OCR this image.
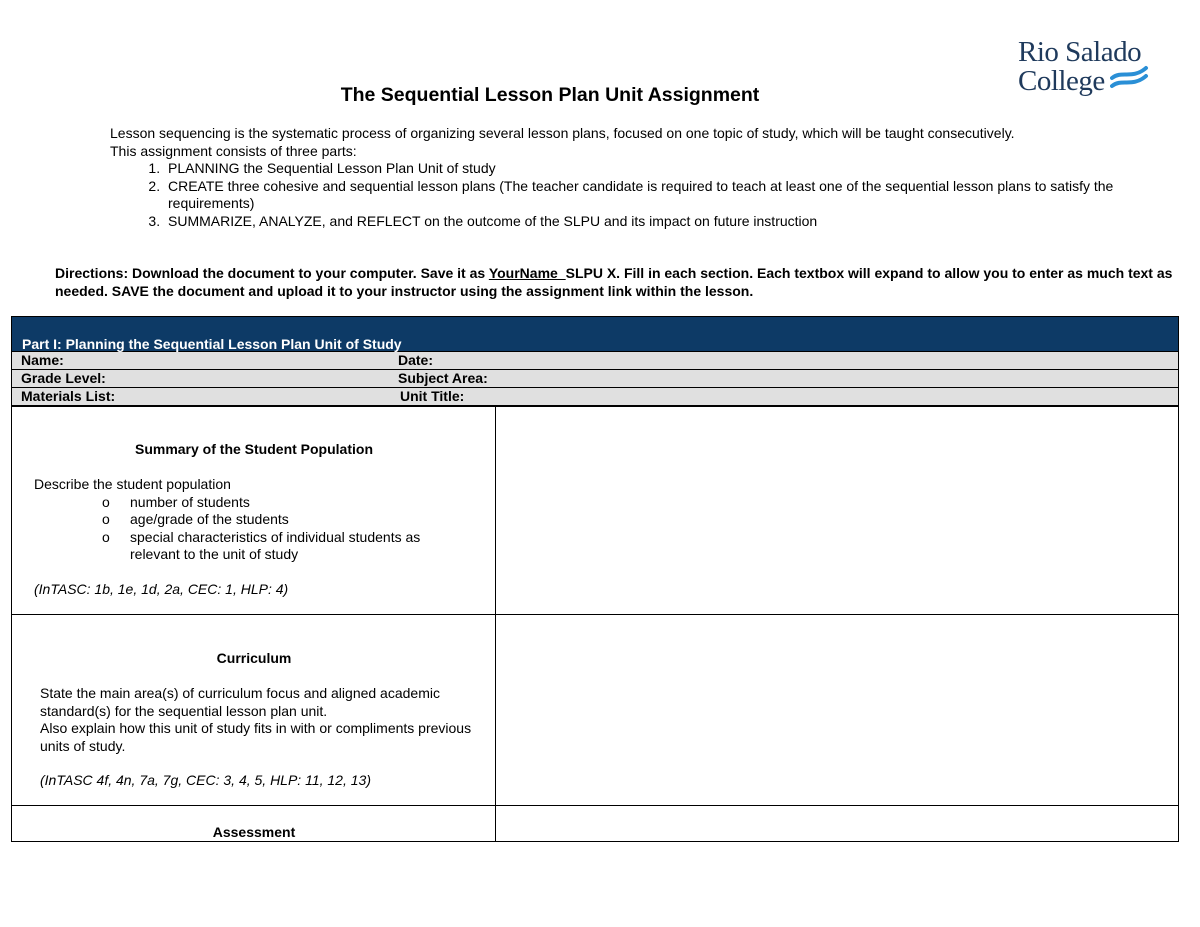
Rio Salado
College
The Sequential Lesson Plan Unit Assignment
Lesson sequencing is the systematic process of organizing several lesson plans, focused on one topic of study, which will be taught consecutively.
This assignment consists of three parts:
1. PLANNING the Sequential Lesson Plan Unit of study
2. CREATE three cohesive and sequential lesson plans (The teacher candidate is required to teach at least one of the sequential lesson plans to satisfy the requirements)
3. SUMMARIZE, ANALYZE, and REFLECT on the outcome of the SLPU and its impact on future instruction
Directions: Download the document to your computer. Save it as YourName_SLPU X. Fill in each section. Each textbox will expand to allow you to enter as much text as needed. SAVE the document and upload it to your instructor using the assignment link within the lesson.
Part I: Planning the Sequential Lesson Plan Unit of Study
Name:	Date:
Grade Level:	Subject Area:
Materials List:	Unit Title:
Summary of the Student Population
Describe the student population
o	number of students
o	age/grade of the students
o	special characteristics of individual students as relevant to the unit of study
(InTASC: 1b, 1e, 1d, 2a, CEC: 1, HLP: 4)
Curriculum
State the main area(s) of curriculum focus and aligned academic standard(s) for the sequential lesson plan unit.
Also explain how this unit of study fits in with or compliments previous units of study.
(InTASC 4f, 4n, 7a, 7g, CEC: 3, 4, 5, HLP: 11, 12, 13)
Assessment
